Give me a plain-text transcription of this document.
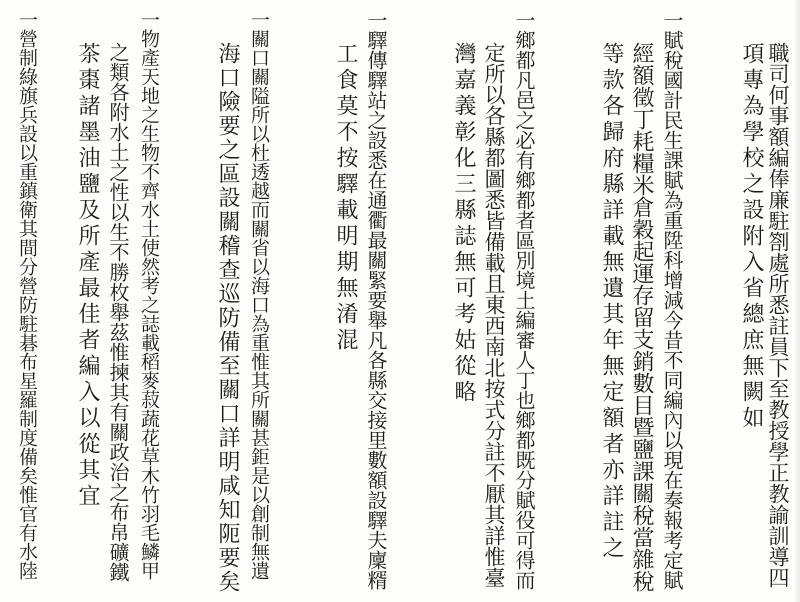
職司何事額編俸廉駐劄處所悉註員下至教授學正教諭訓導四
項專為學校之設附入省總庶無闕如
一賦稅國計民生課賦為重陞科增減今昔不同編內以現在奏報考定賦
經額徵丁耗糧米倉穀起運存留支銷數目暨鹽課關稅當雜稅
等款各歸府縣詳載無遺其年無定額者亦詳註之
一鄉都凡邑之必有鄉都者區別境土編審人丁也鄉都既分賦役可得而
定所以各縣都圖悉皆備載且東西南北按式分註不厭其詳惟臺
灣嘉義彰化三縣誌無可考姑從略
一驛傳驛站之設悉在通衢最關緊要舉凡各縣交接里數額設驛夫廩糈
工食莫不按驛載明期無淆混
一關口關隘所以杜透越而關省以海口為重惟其所關甚鉅是以創制無遺
海口險要之區設關稽查巡防備至關口詳明咸知阨要矣
一物產天地之生物不齊水土使然考之誌載稻麥菽蔬花草木竹羽毛鱗甲
之類各附水土之性以生不勝枚舉茲惟揀其有關政治之布帛礦鐵
茶棗諸墨油鹽及所產最佳者編入以從其宜
一營制綠旗兵設以重鎮衛其間分營防駐碁布星羅制度備矣惟官有水陸
